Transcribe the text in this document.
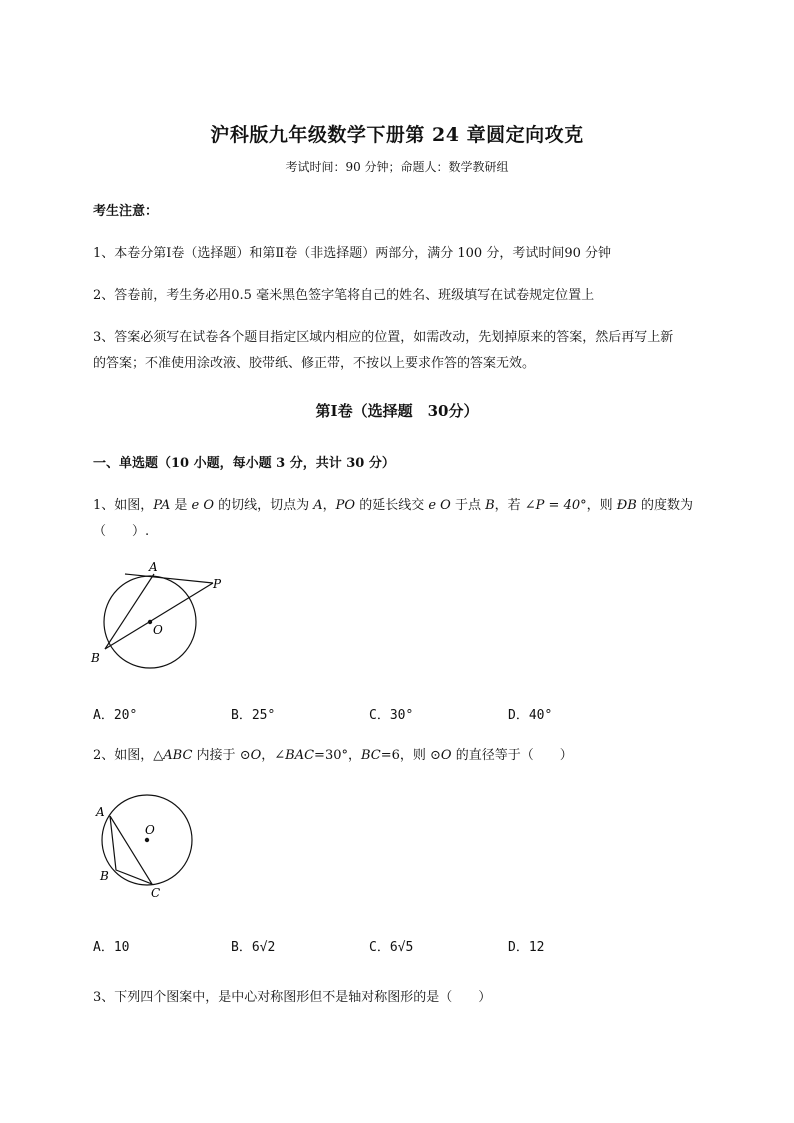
沪科版九年级数学下册第 24 章圆定向攻克
考试时间：90 分钟；命题人：数学教研组
考生注意：
1、本卷分第Ⅰ卷（选择题）和第Ⅱ卷（非选择题）两部分，满分 100 分，考试时间90 分钟
2、答卷前，考生务必用0.5 毫米黑色签字笔将自己的姓名、班级填写在试卷规定位置上
3、答案必须写在试卷各个题目指定区域内相应的位置，如需改动，先划掉原来的答案，然后再写上新
的答案；不准使用涂改液、胶带纸、修正带，不按以上要求作答的答案无效。
第Ⅰ卷（选择题　30分）
一、单选题（10 小题，每小题 3 分，共计 30 分）
1、如图，PA 是 e O 的切线，切点为 A，PO 的延长线交 e O 于点 B，若 ∠P = 40°，则 ÐB 的度数为
（　　）.
A
P
O
B
A．20°	B．25°	C．30°	D．40°
2、如图，△ABC 内接于 ⊙O，∠BAC=30°，BC=6，则 ⊙O 的直径等于（　　）
A
O
B
C
A．10	B．6√2	C．6√5	D．12
3、下列四个图案中，是中心对称图形但不是轴对称图形的是（　　）
